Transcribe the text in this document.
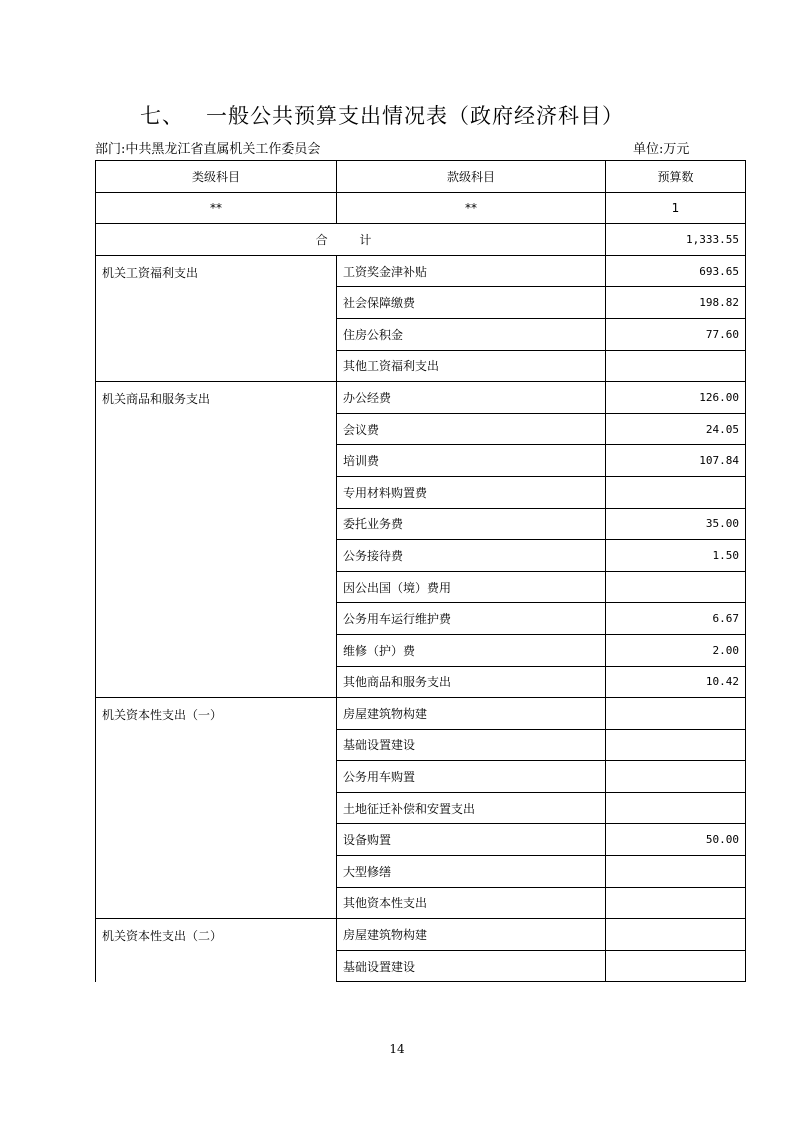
七、 一般公共预算支出情况表（政府经济科目）
部门:中共黑龙江省直属机关工作委员会	单位:万元
类级科目	款级科目	预算数
**	**	1
合 计		1,333.55
机关工资福利支出	工资奖金津补贴	693.65
	社会保障缴费	198.82
	住房公积金	77.60
	其他工资福利支出	
机关商品和服务支出	办公经费	126.00
	会议费	24.05
	培训费	107.84
	专用材料购置费	
	委托业务费	35.00
	公务接待费	1.50
	因公出国（境）费用	
	公务用车运行维护费	6.67
	维修（护）费	2.00
	其他商品和服务支出	10.42
机关资本性支出（一）	房屋建筑物构建	
	基础设置建设	
	公务用车购置	
	土地征迁补偿和安置支出	
	设备购置	50.00
	大型修缮	
	其他资本性支出	
机关资本性支出（二）	房屋建筑物构建	
	基础设置建设	
14
